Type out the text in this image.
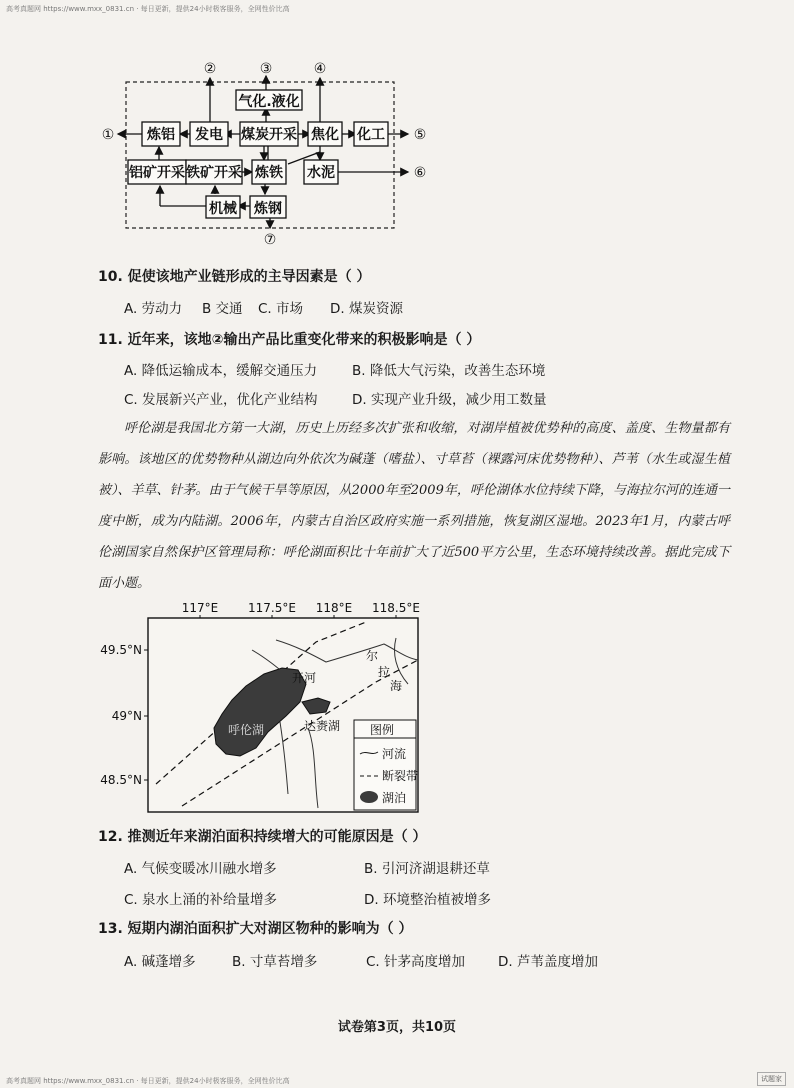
高考真题网 https://www.mxx_0831.cn · 每日更新，提供24小时极客服务，全网性价比高
气化.液化
炼铝 发电 煤炭开采 焦化 化工
铝矿开采 铁矿开采 炼铁 水泥
机械 炼钢
①
②	③	④
⑤
⑥
⑦
10. 促使该地产业链形成的主导因素是（ ）
A. 劳动力 B 交通 C. 市场 D. 煤炭资源
11. 近年来，该地②输出产品比重变化带来的积极影响是（ ）
A. 降低运输成本，缓解交通压力	B. 降低大气污染，改善生态环境
C. 发展新兴产业，优化产业结构	D. 实现产业升级，减少用工数量
呼伦湖是我国北方第一大湖，历史上历经多次扩张和收缩，对湖岸植被优势种的高度、盖度、生物量都有影响。该地区的优势物种从湖边向外依次为碱蓬（嗜盐）、寸草苔（裸露河床优势物种）、芦苇（水生或湿生植被）、羊草、针茅。由于气候干旱等原因，从2000年至2009年，呼伦湖体水位持续下降，与海拉尔河的连通一度中断，成为内陆湖。2006年，内蒙古自治区政府实施一系列措施，恢复湖区湿地。2023年1月，内蒙古呼伦湖国家自然保护区管理局称：呼伦湖面积比十年前扩大了近500平方公里，生态环境持续改善。据此完成下面小题。
117°E 117.5°E 118°E 118.5°E
49.5°N
49°N
48.5°N
开河
尔
拉
海
达赉湖
呼伦湖	图例
河流
断裂带
湖泊
12. 推测近年来湖泊面积持续增大的可能原因是（ ）
A. 气候变暖冰川融水增多	B. 引河济湖退耕还草
C. 泉水上涌的补给量增多	D. 环境整治植被增多
13. 短期内湖泊面积扩大对湖区物种的影响为（ ）
A. 碱蓬增多	B. 寸草苔增多	C. 针茅高度增加 D. 芦苇盖度增加
试卷第3页，共10页
高考真题网 https://www.mxx_0831.cn · 每日更新，提供24小时极客服务，全网性价比高	试题家
